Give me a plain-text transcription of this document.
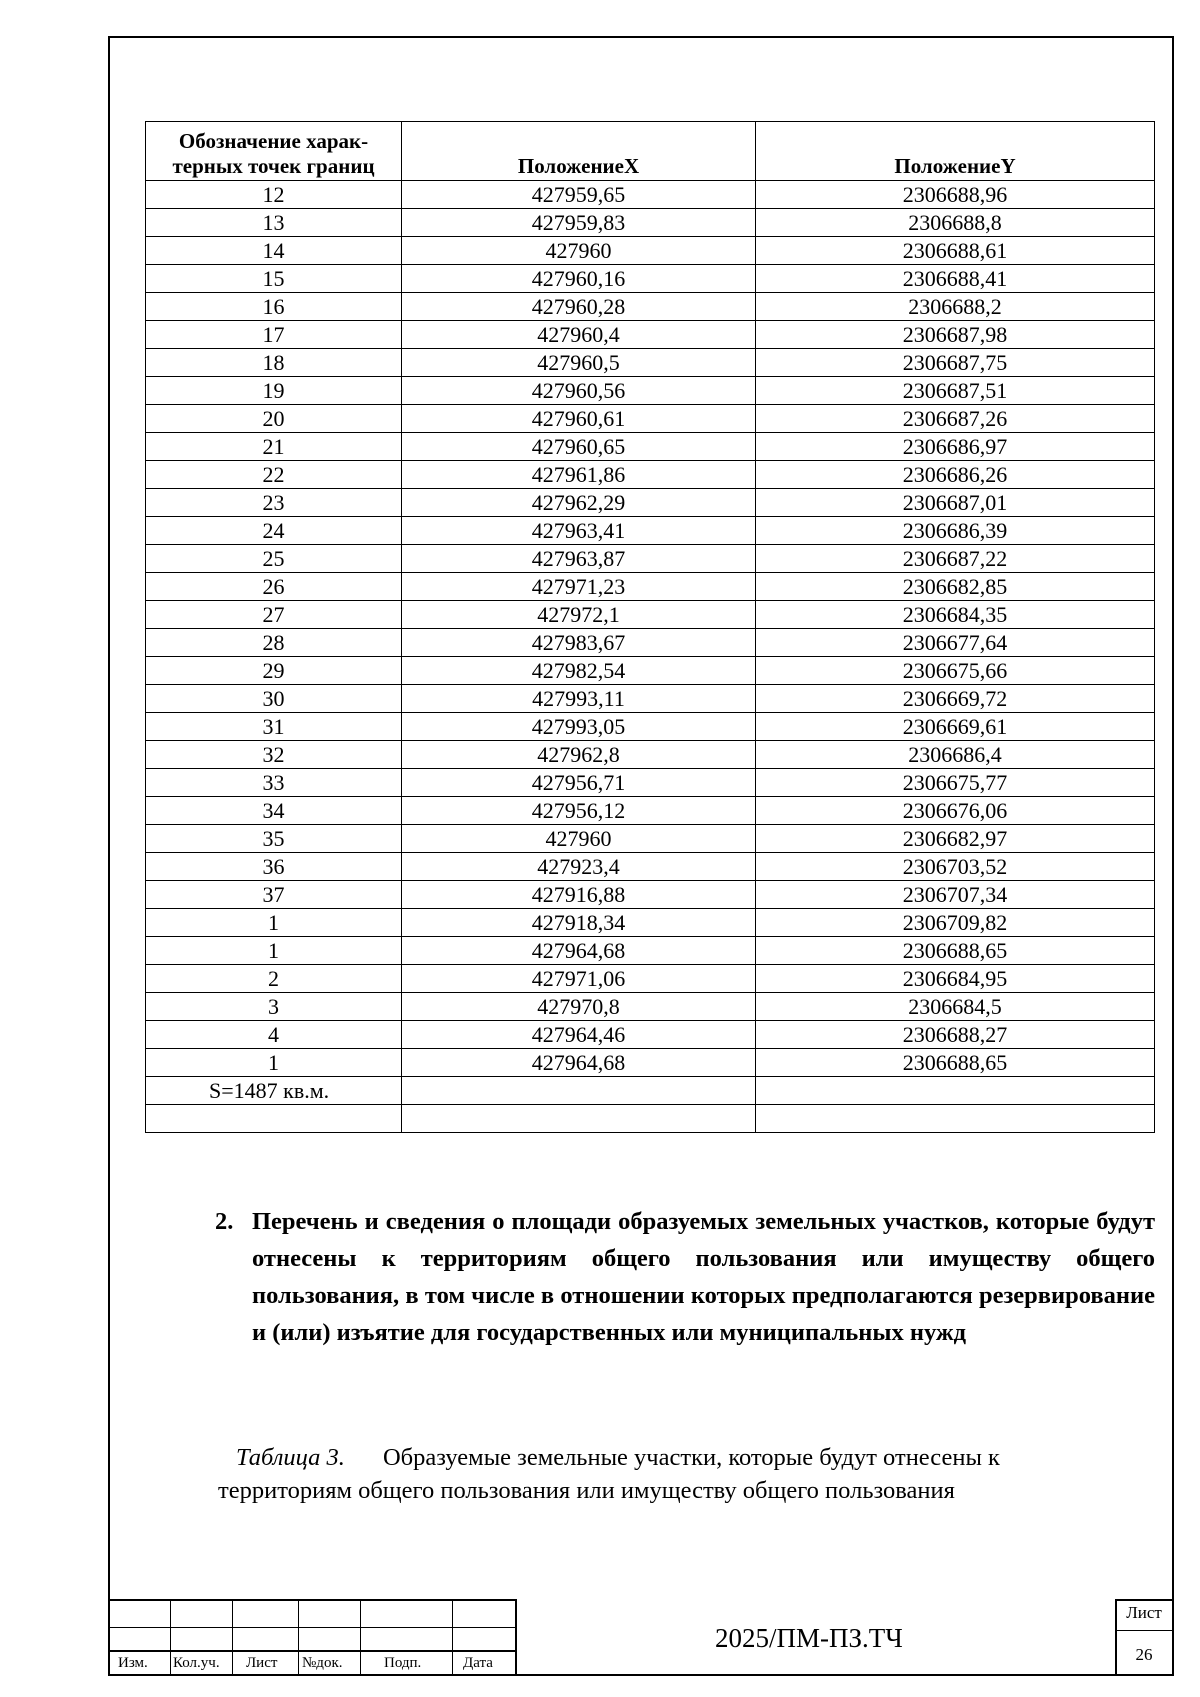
Обозначение харак-
терных точек границ	ПоложениеX	ПоложениеY
12	427959,65	2306688,96
13	427959,83	2306688,8
14	427960	2306688,61
15	427960,16	2306688,41
16	427960,28	2306688,2
17	427960,4	2306687,98
18	427960,5	2306687,75
19	427960,56	2306687,51
20	427960,61	2306687,26
21	427960,65	2306686,97
22	427961,86	2306686,26
23	427962,29	2306687,01
24	427963,41	2306686,39
25	427963,87	2306687,22
26	427971,23	2306682,85
27	427972,1	2306684,35
28	427983,67	2306677,64
29	427982,54	2306675,66
30	427993,11	2306669,72
31	427993,05	2306669,61
32	427962,8	2306686,4
33	427956,71	2306675,77
34	427956,12	2306676,06
35	427960	2306682,97
36	427923,4	2306703,52
37	427916,88	2306707,34
1	427918,34	2306709,82
1	427964,68	2306688,65
2	427971,06	2306684,95
3	427970,8	2306684,5
4	427964,46	2306688,27
1	427964,68	2306688,65
S=1487 кв.м.		

2. Перечень и сведения о площади образуемых земельных участков, которые будут отнесены к территориям общего пользования или имуществу общего пользования, в том числе в отношении которых предполагаются резервирование и (или) изъятие для государственных или муниципальных нужд
Таблица 3. Образуемые земельные участки, которые будут отнесены к
территориям общего пользования или имуществу общего пользования
Изм. Кол.уч. Лист №док.	Подп.	Дата
2025/ПМ-ПЗ.ТЧ
Лист
26
